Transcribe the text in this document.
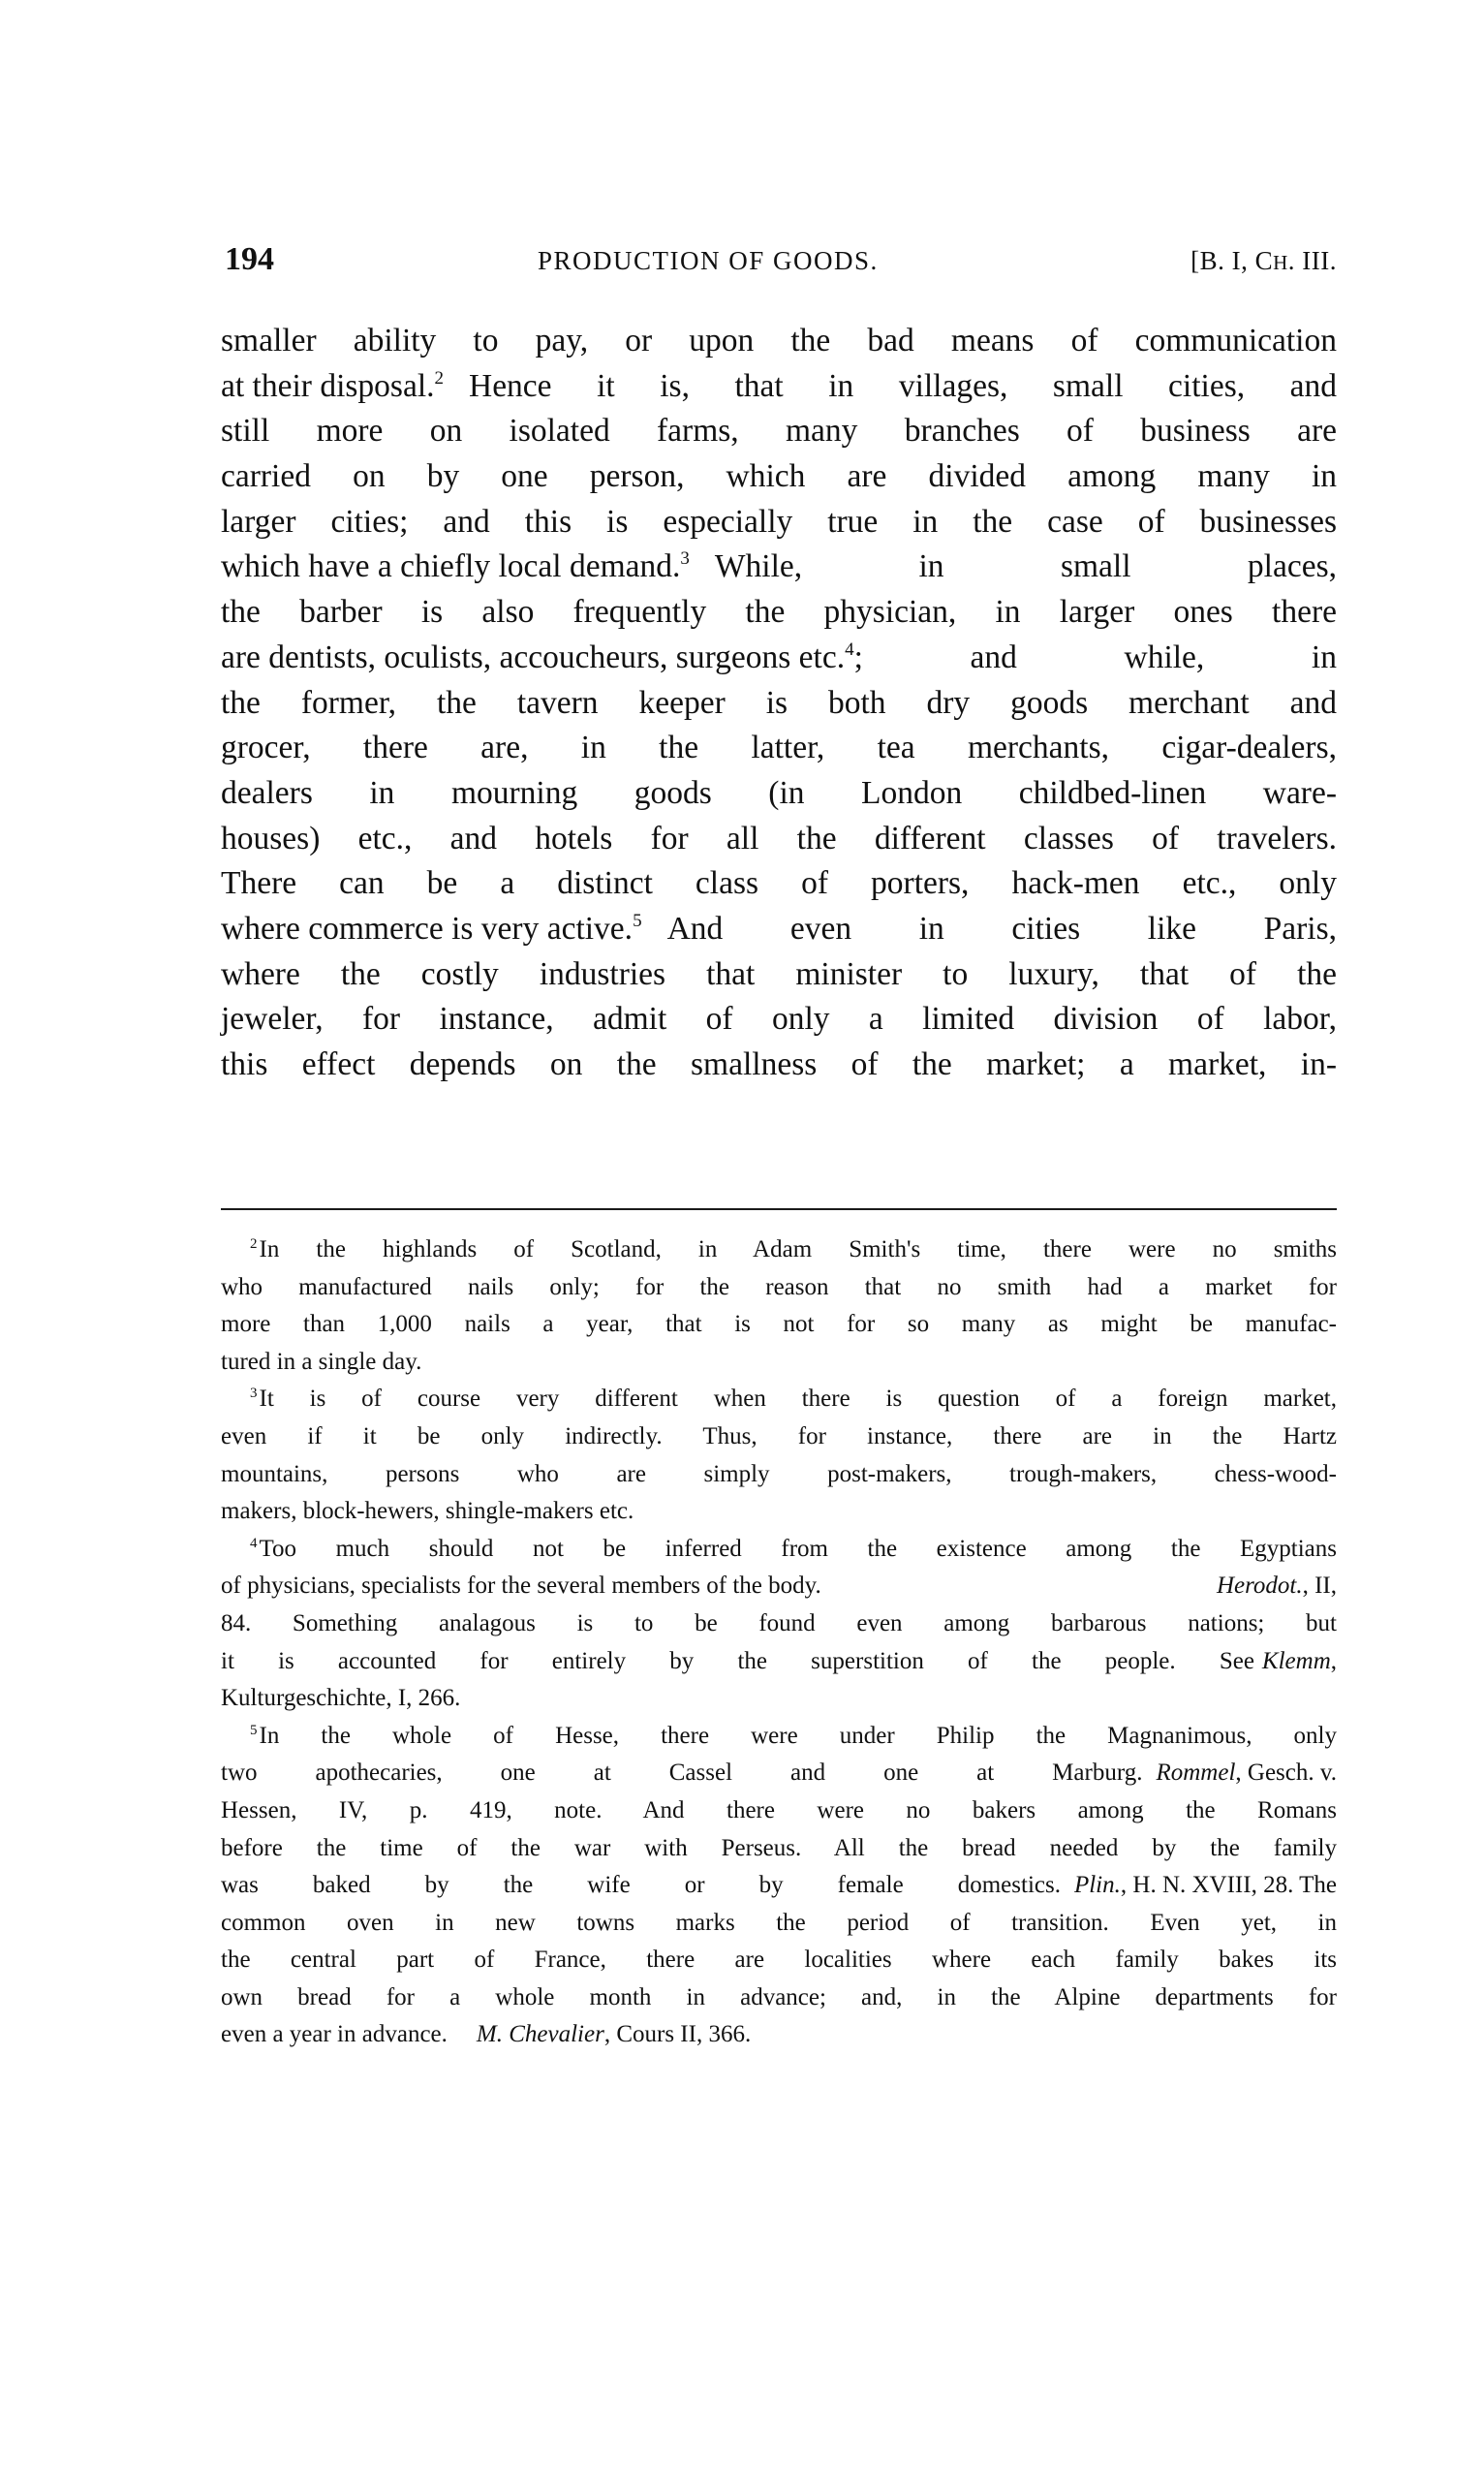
194	PRODUCTION OF GOODS.	[B. I, CH. III.
smaller ability to pay, or upon the bad means of communication
at their disposal.$^2$ Hence it is, that in villages, small cities, and
still more on isolated farms, many branches of business are
carried on by one person, which are divided among many in
larger cities; and this is especially true in the case of businesses
which have a chiefly local demand.$^3$ While, in small places,
the barber is also frequently the physician, in larger ones there
are dentists, oculists, accoucheurs, surgeons etc.$^4$ ; and while, in
the former, the tavern keeper is both dry goods merchant and
grocer, there are, in the latter, tea merchants, cigar-dealers,
dealers in mourning goods (in London childbed-linen ware-
houses) etc., and hotels for all the different classes of travelers.
There can be a distinct class of porters, hack-men etc., only
where commerce is very active.$^5$ And even in cities like Paris,
where the costly industries that minister to luxury, that of the
jeweler, for instance, admit of only a limited division of labor,
this effect depends on the smallness of the market; a market, in-
$^2$In the highlands of Scotland, in Adam Smith's time, there were no smiths
who manufactured nails only; for the reason that no smith had a market for
more than 1,000 nails a year, that is not for so many as might be manufac-
tured in a single day.
$^3$It is of course very different when there is question of a foreign market,
even if it be only indirectly. Thus, for instance, there are in the Hartz
mountains, persons who are simply post-makers, trough-makers, chess-wood-
makers, block-hewers, shingle-makers etc.
$^4$Too much should not be inferred from the existence among the Egyptians
of physicians, specialists for the several members of the body.	Herodot., II,
84. Something analagous is to be found even among barbarous nations; but
it is accounted for entirely by the superstition of the people. See Klemm,
Kulturgeschichte, I, 266.
$^5$In the whole of Hesse, there were under Philip the Magnanimous, only
two apothecaries, one at Cassel and one at Marburg. Rommel, Gesch. v.
Hessen, IV, p. 419, note. And there were no bakers among the Romans
before the time of the war with Perseus. All the bread needed by the family
was baked by the wife or by female domestics. Plin., H. N. XVIII, 28. The
common oven in new towns marks the period of transition. Even yet, in
the central part of France, there are localities where each family bakes its
own bread for a whole month in advance; and, in the Alpine departments for
even a year in advance. M. Chevalier, Cours II, 366.
